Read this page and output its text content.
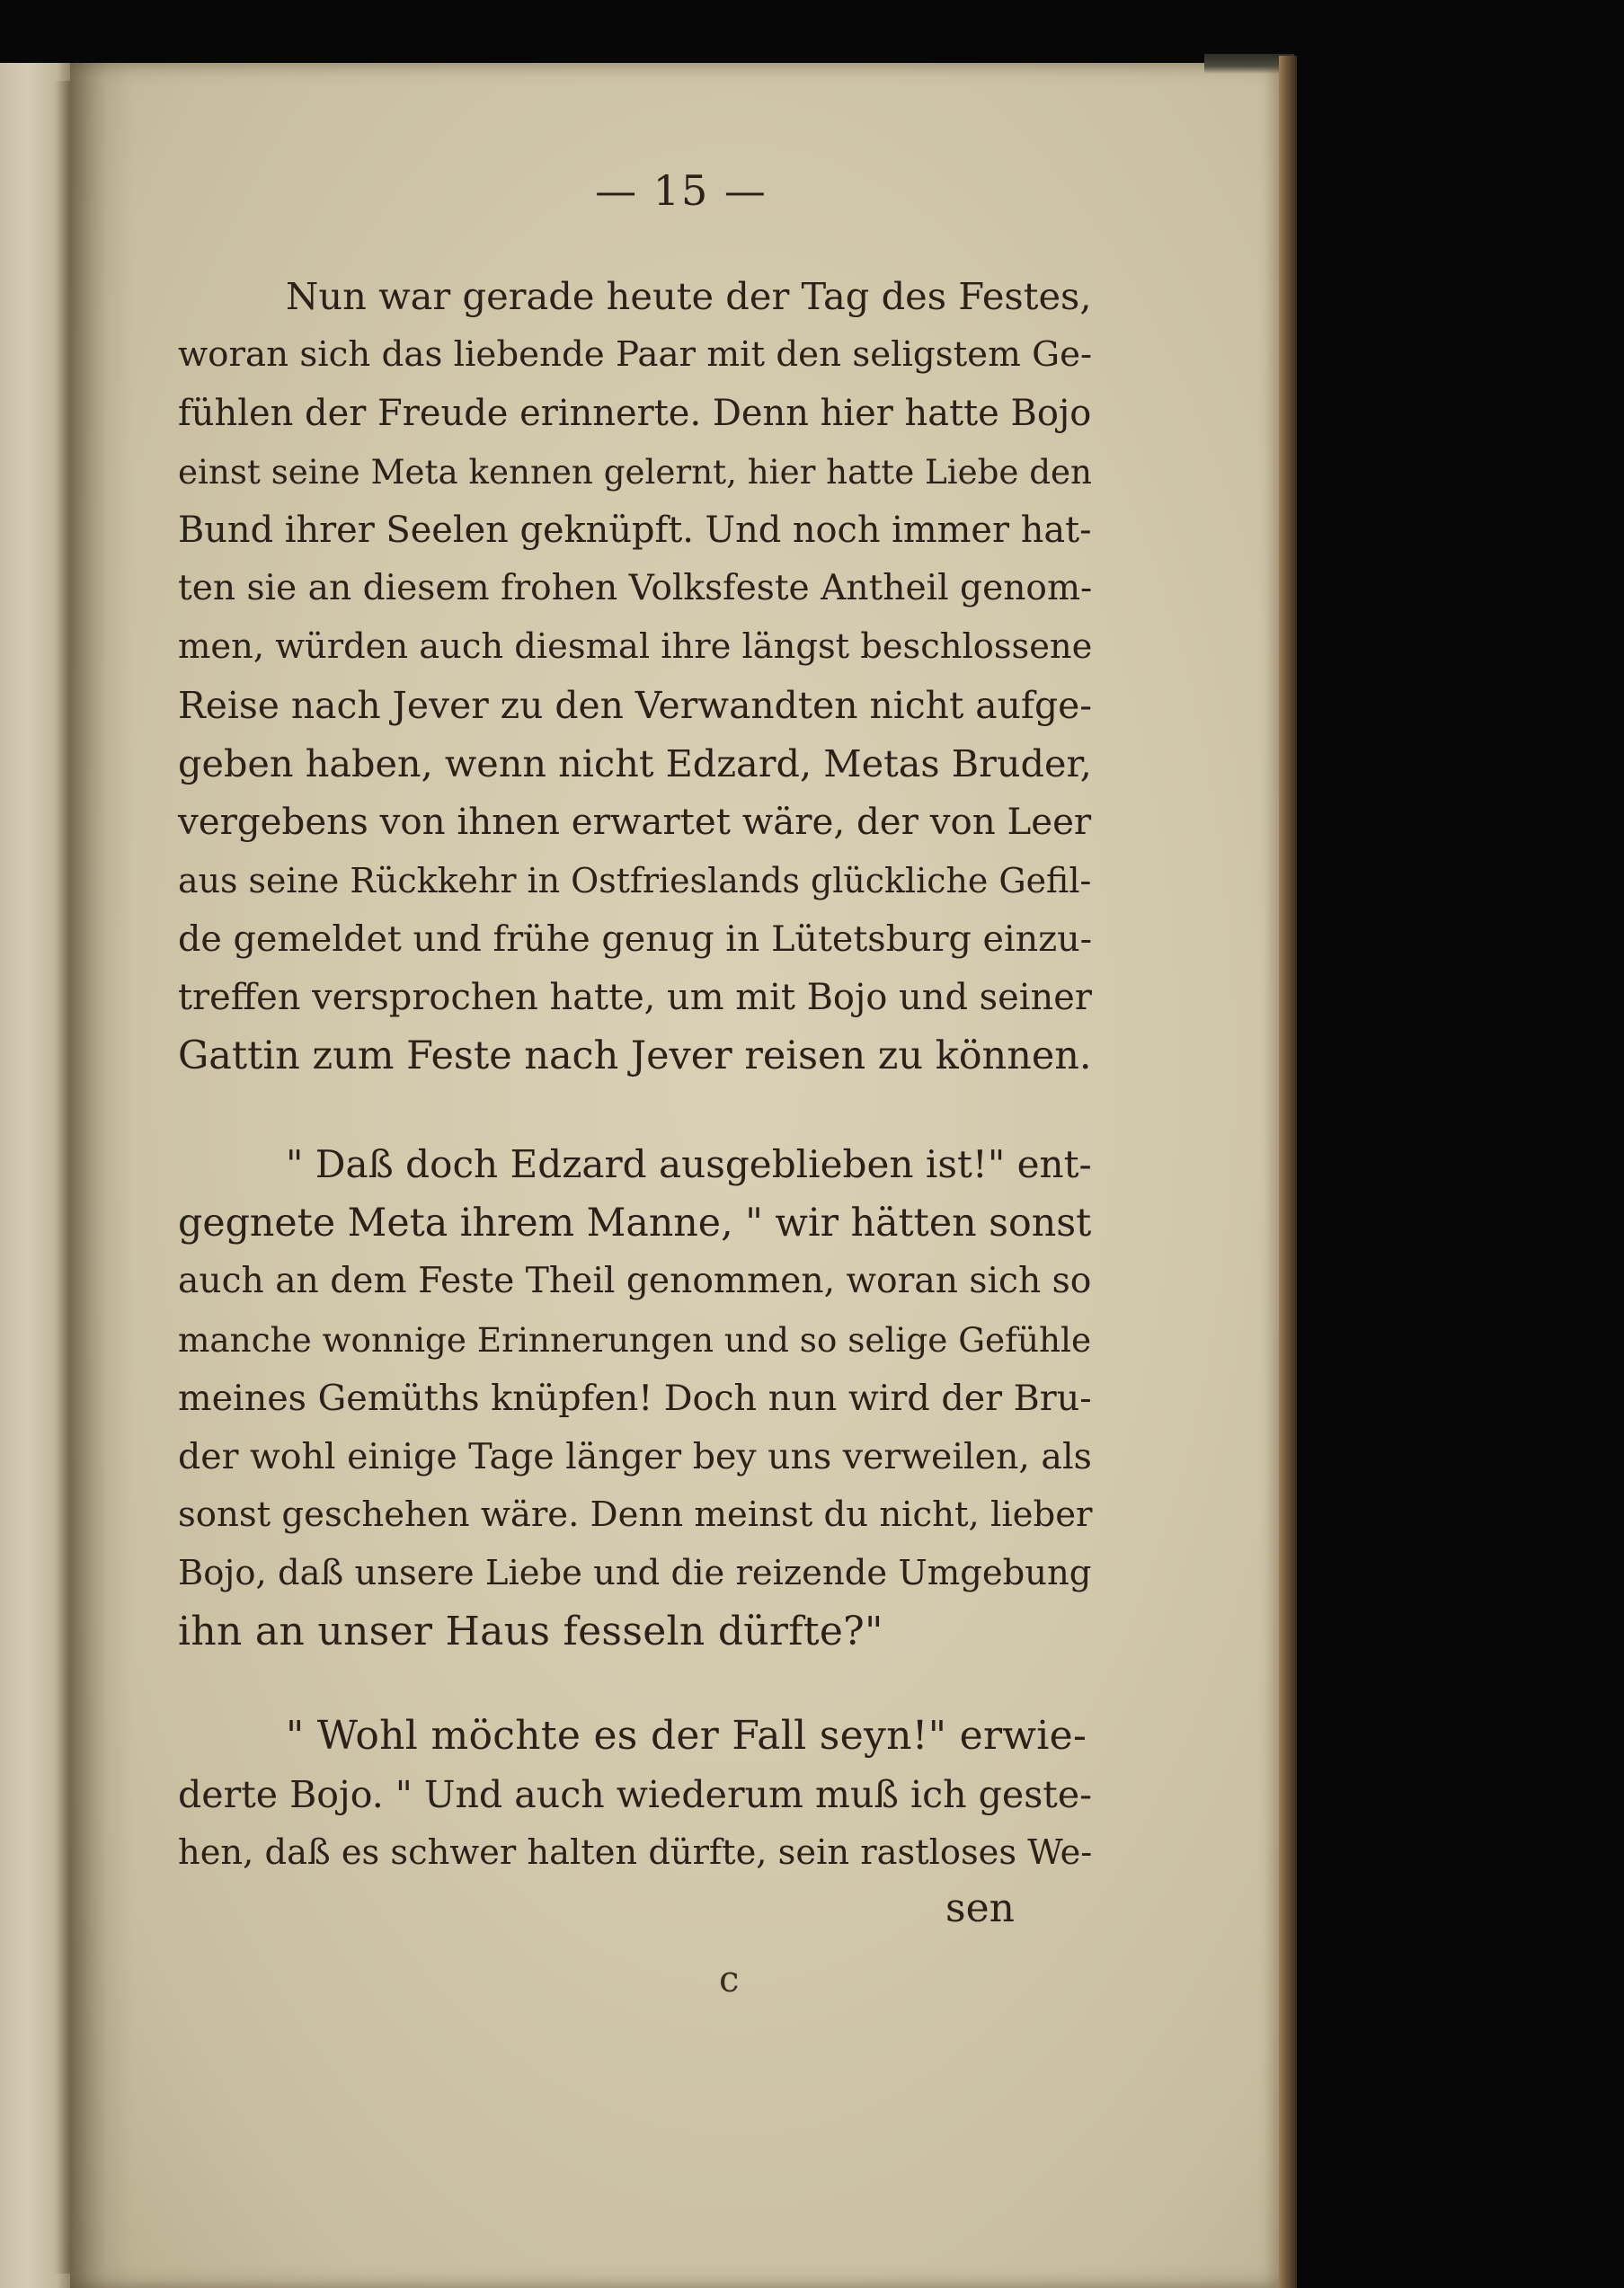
— 15 —
Nun war gerade heute der Tag des Festes,
woran sich das liebende Paar mit den seligstem Ge-
fühlen der Freude erinnerte. Denn hier hatte Bojo
einst seine Meta kennen gelernt, hier hatte Liebe den
Bund ihrer Seelen geknüpft. Und noch immer hat-
ten sie an diesem frohen Volksfeste Antheil genom-
men, würden auch diesmal ihre längst beschlossene
Reise nach Jever zu den Verwandten nicht aufge-
geben haben, wenn nicht Edzard, Metas Bruder,
vergebens von ihnen erwartet wäre, der von Leer
aus seine Rückkehr in Ostfrieslands glückliche Gefil-
de gemeldet und frühe genug in Lütetsburg einzu-
treffen versprochen hatte, um mit Bojo und seiner
Gattin zum Feste nach Jever reisen zu können.
" Daß doch Edzard ausgeblieben ist!" ent-
gegnete Meta ihrem Manne, " wir hätten sonst
auch an dem Feste Theil genommen, woran sich so
manche wonnige Erinnerungen und so selige Gefühle
meines Gemüths knüpfen! Doch nun wird der Bru-
der wohl einige Tage länger bey uns verweilen, als
sonst geschehen wäre. Denn meinst du nicht, lieber
Bojo, daß unsere Liebe und die reizende Umgebung
ihn an unser Haus fesseln dürfte?"
" Wohl möchte es der Fall seyn!" erwie-
derte Bojo. " Und auch wiederum muß ich geste-
hen, daß es schwer halten dürfte, sein rastloses We-
sen
c
